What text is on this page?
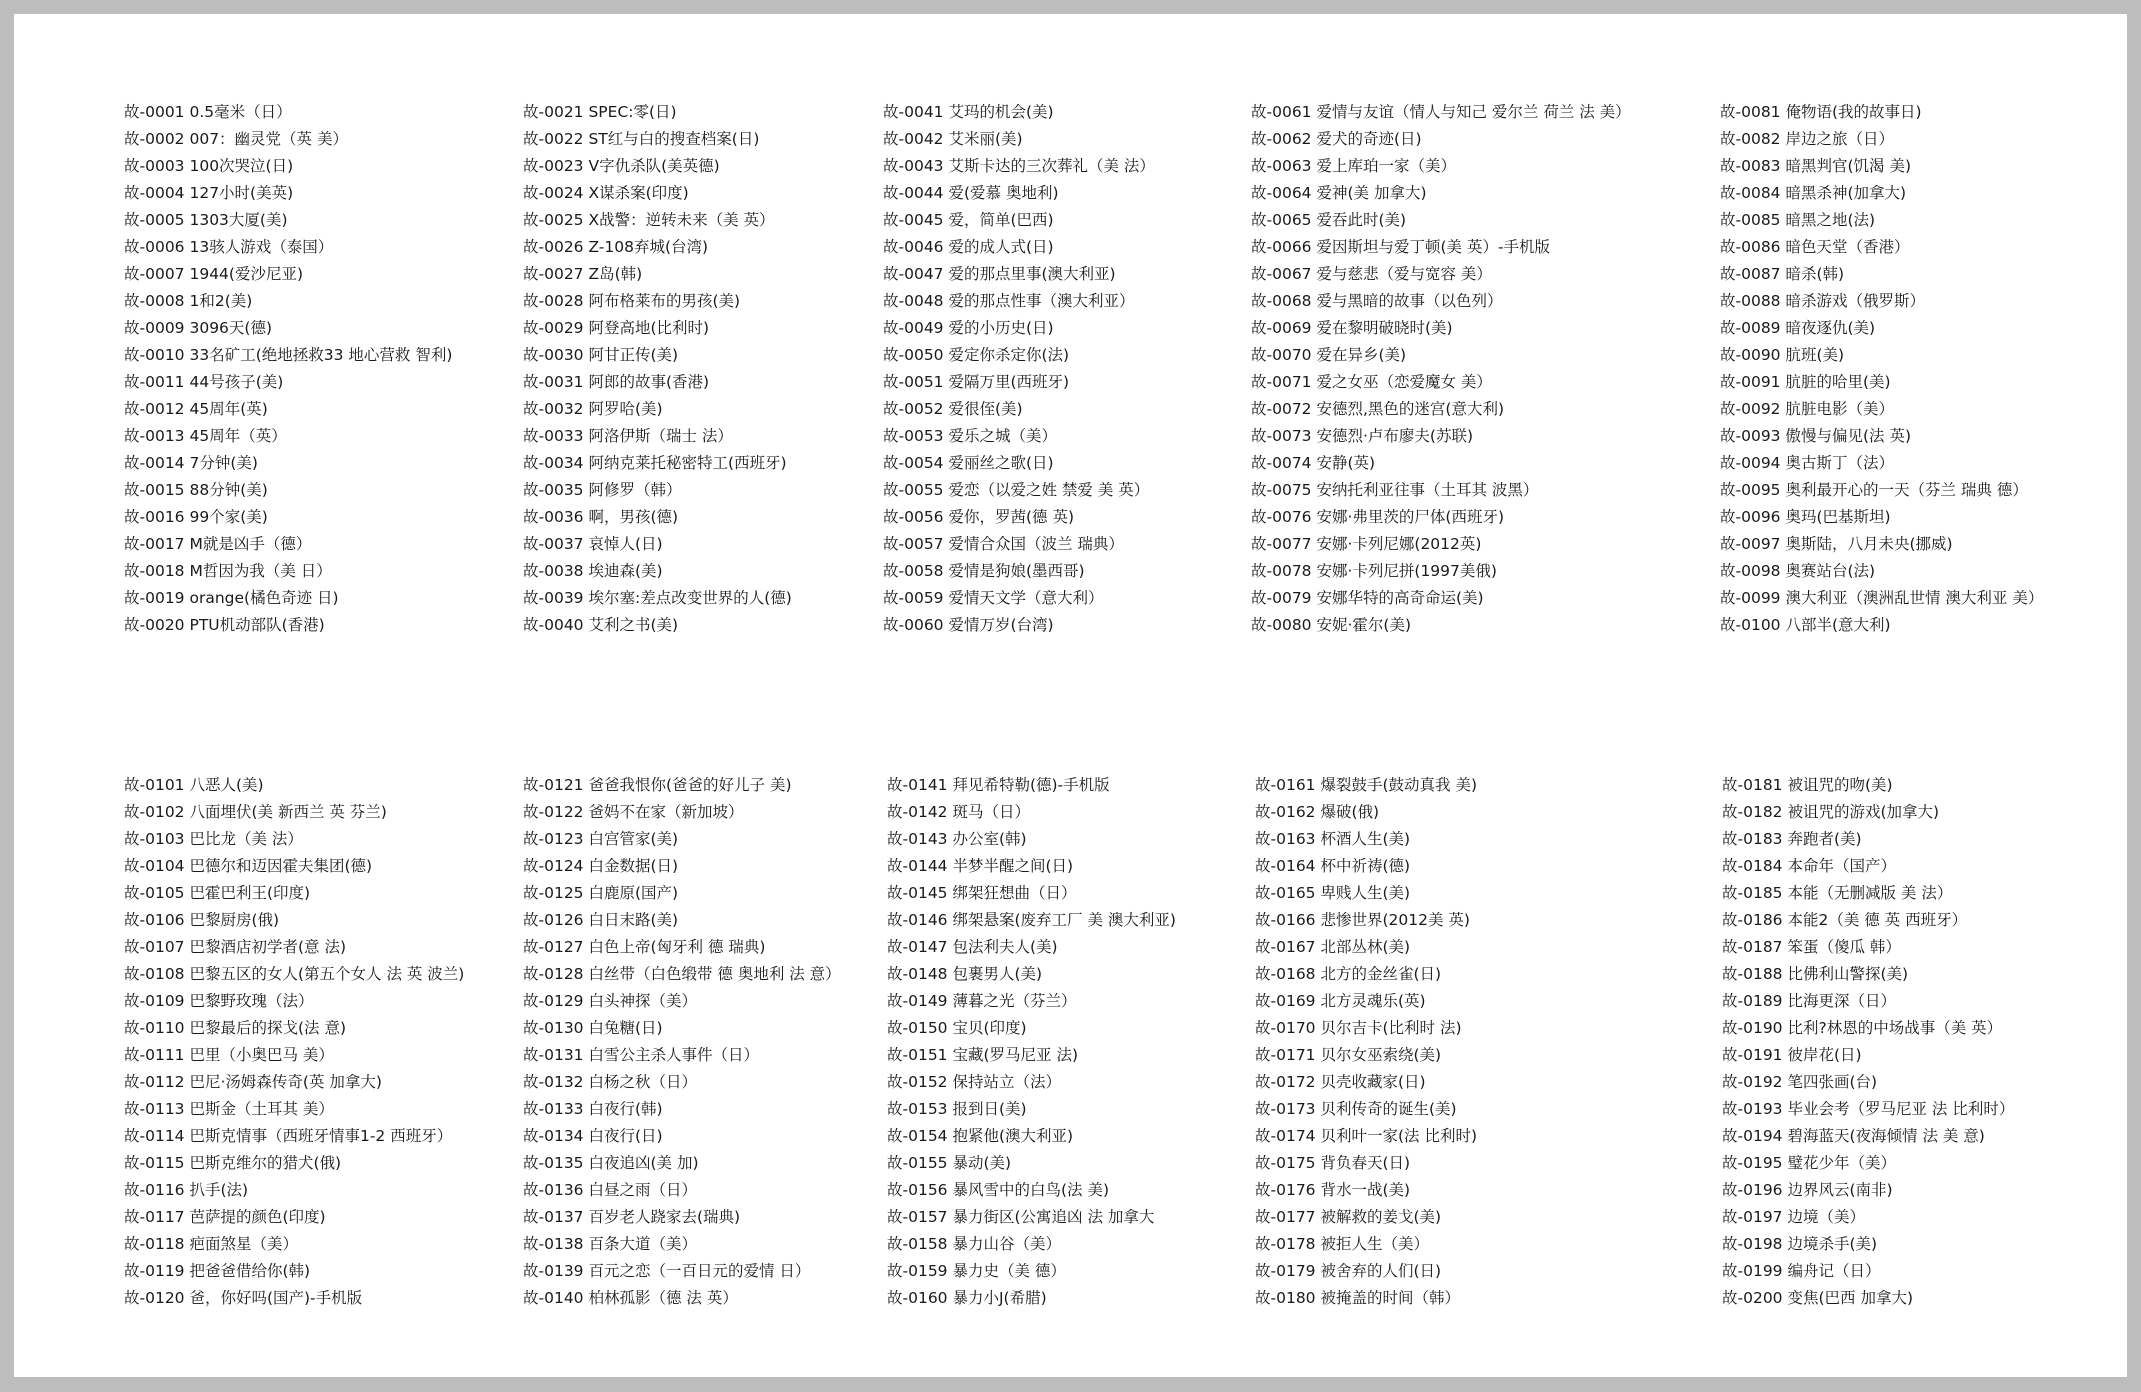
故-0001 0.5毫米（日）
故-0002 007：幽灵党（英 美）
故-0003 100次哭泣(日)
故-0004 127小时(美英)
故-0005 1303大厦(美)
故-0006 13骇人游戏（泰国）
故-0007 1944(爱沙尼亚)
故-0008 1和2(美)
故-0009 3096天(德)
故-0010 33名矿工(绝地拯救33 地心营救 智利)
故-0011 44号孩子(美)
故-0012 45周年(英)
故-0013 45周年（英）
故-0014 7分钟(美)
故-0015 88分钟(美)
故-0016 99个家(美)
故-0017 M就是凶手（德）
故-0018 M哲因为我（美 日）
故-0019 orange(橘色奇迹 日)
故-0020 PTU机动部队(香港)
故-0021 SPEC:零(日)
故-0022 ST红与白的搜查档案(日)
故-0023 V字仇杀队(美英德)
故-0024 X谋杀案(印度)
故-0025 X战警：逆转未来（美 英）
故-0026 Z-108弃城(台湾)
故-0027 Z岛(韩)
故-0028 阿布格莱布的男孩(美)
故-0029 阿登高地(比利时)
故-0030 阿甘正传(美)
故-0031 阿郎的故事(香港)
故-0032 阿罗哈(美)
故-0033 阿洛伊斯（瑞士 法）
故-0034 阿纳克莱托秘密特工(西班牙)
故-0035 阿修罗（韩）
故-0036 啊，男孩(德)
故-0037 哀悼人(日)
故-0038 埃迪森(美)
故-0039 埃尔塞:差点改变世界的人(德)
故-0040 艾利之书(美)
故-0041 艾玛的机会(美)
故-0042 艾米丽(美)
故-0043 艾斯卡达的三次葬礼（美 法）
故-0044 爱(爱慕 奥地利)
故-0045 爱，简单(巴西)
故-0046 爱的成人式(日)
故-0047 爱的那点里事(澳大利亚)
故-0048 爱的那点性事（澳大利亚）
故-0049 爱的小历史(日)
故-0050 爱定你杀定你(法)
故-0051 爱隔万里(西班牙)
故-0052 爱很侄(美)
故-0053 爱乐之城（美）
故-0054 爱丽丝之歌(日)
故-0055 爱恋（以爱之姓 禁爱 美 英）
故-0056 爱你，罗茜(德 英)
故-0057 爱情合众国（波兰 瑞典）
故-0058 爱情是狗娘(墨西哥)
故-0059 爱情天文学（意大利）
故-0060 爱情万岁(台湾)
故-0061 爱情与友谊（情人与知己 爱尔兰 荷兰 法 美）
故-0062 爱犬的奇迹(日)
故-0063 爱上库珀一家（美）
故-0064 爱神(美 加拿大)
故-0065 爱吞此时(美)
故-0066 爱因斯坦与爱丁顿(美 英）-手机版
故-0067 爱与慈悲（爱与宽容 美）
故-0068 爱与黑暗的故事（以色列）
故-0069 爱在黎明破晓时(美)
故-0070 爱在异乡(美)
故-0071 爱之女巫（恋爱魔女 美）
故-0072 安德烈,黑色的迷宫(意大利)
故-0073 安德烈·卢布廖夫(苏联)
故-0074 安静(英)
故-0075 安纳托利亚往事（土耳其 波黑）
故-0076 安娜·弗里茨的尸体(西班牙)
故-0077 安娜·卡列尼娜(2012英)
故-0078 安娜·卡列尼拼(1997美俄)
故-0079 安娜华特的高奇命运(美)
故-0080 安妮·霍尔(美)
故-0081 俺物语(我的故事日)
故-0082 岸边之旅（日）
故-0083 暗黑判官(饥渴 美)
故-0084 暗黑杀神(加拿大)
故-0085 暗黑之地(法)
故-0086 暗色天堂（香港）
故-0087 暗杀(韩)
故-0088 暗杀游戏（俄罗斯）
故-0089 暗夜逐仇(美)
故-0090 肮班(美)
故-0091 肮脏的哈里(美)
故-0092 肮脏电影（美）
故-0093 傲慢与偏见(法 英)
故-0094 奥古斯丁（法）
故-0095 奥利最开心的一天（芬兰 瑞典 德）
故-0096 奥玛(巴基斯坦)
故-0097 奥斯陆，八月未央(挪威)
故-0098 奥赛站台(法)
故-0099 澳大利亚（澳洲乱世情 澳大利亚 美）
故-0100 八部半(意大利)
故-0101 八恶人(美)
故-0102 八面埋伏(美 新西兰 英 芬兰)
故-0103 巴比龙（美 法）
故-0104 巴德尔和迈因霍夫集团(德)
故-0105 巴霍巴利王(印度)
故-0106 巴黎厨房(俄)
故-0107 巴黎酒店初学者(意 法)
故-0108 巴黎五区的女人(第五个女人 法 英 波兰)
故-0109 巴黎野玫瑰（法）
故-0110 巴黎最后的探戈(法 意)
故-0111 巴里（小奥巴马 美）
故-0112 巴尼·汤姆森传奇(英 加拿大)
故-0113 巴斯金（土耳其 美）
故-0114 巴斯克情事（西班牙情事1-2 西班牙）
故-0115 巴斯克维尔的猎犬(俄)
故-0116 扒手(法)
故-0117 芭萨提的颜色(印度)
故-0118 疤面煞星（美）
故-0119 把爸爸借给你(韩)
故-0120 爸，你好吗(国产)-手机版
故-0121 爸爸我恨你(爸爸的好儿子 美)
故-0122 爸妈不在家（新加坡）
故-0123 白宫管家(美)
故-0124 白金数据(日)
故-0125 白鹿原(国产)
故-0126 白日末路(美)
故-0127 白色上帝(匈牙利 德 瑞典)
故-0128 白丝带（白色缎带 德 奥地利 法 意）
故-0129 白头神探（美）
故-0130 白兔糖(日)
故-0131 白雪公主杀人事件（日）
故-0132 白杨之秋（日）
故-0133 白夜行(韩)
故-0134 白夜行(日)
故-0135 白夜追凶(美 加)
故-0136 白昼之雨（日）
故-0137 百岁老人跷家去(瑞典)
故-0138 百条大道（美）
故-0139 百元之恋（一百日元的爱情 日）
故-0140 柏林孤影（德 法 英）
故-0141 拜见希特勒(德)-手机版
故-0142 斑马（日）
故-0143 办公室(韩)
故-0144 半梦半醒之间(日)
故-0145 绑架狂想曲（日）
故-0146 绑架悬案(废弃工厂 美 澳大利亚)
故-0147 包法利夫人(美)
故-0148 包裹男人(美)
故-0149 薄暮之光（芬兰）
故-0150 宝贝(印度)
故-0151 宝藏(罗马尼亚 法)
故-0152 保持站立（法）
故-0153 报到日(美)
故-0154 抱紧他(澳大利亚)
故-0155 暴动(美)
故-0156 暴风雪中的白鸟(法 美)
故-0157 暴力街区(公寓追凶 法 加拿大
故-0158 暴力山谷（美）
故-0159 暴力史（美 德）
故-0160 暴力小J(希腊)
故-0161 爆裂鼓手(鼓动真我 美)
故-0162 爆破(俄)
故-0163 杯酒人生(美)
故-0164 杯中祈祷(德)
故-0165 卑贱人生(美)
故-0166 悲惨世界(2012美 英)
故-0167 北部丛林(美)
故-0168 北方的金丝雀(日)
故-0169 北方灵魂乐(英)
故-0170 贝尔吉卡(比利时 法)
故-0171 贝尔女巫索绕(美)
故-0172 贝壳收藏家(日)
故-0173 贝利传奇的诞生(美)
故-0174 贝利叶一家(法 比利时)
故-0175 背负春天(日)
故-0176 背水一战(美)
故-0177 被解救的姜戈(美)
故-0178 被拒人生（美）
故-0179 被舍弃的人们(日)
故-0180 被掩盖的时间（韩）
故-0181 被诅咒的吻(美)
故-0182 被诅咒的游戏(加拿大)
故-0183 奔跑者(美)
故-0184 本命年（国产）
故-0185 本能（无删减版 美 法）
故-0186 本能2（美 德 英 西班牙）
故-0187 笨蛋（傻瓜 韩）
故-0188 比佛利山警探(美)
故-0189 比海更深（日）
故-0190 比利?林恩的中场战事（美 英）
故-0191 彼岸花(日)
故-0192 笔四张画(台)
故-0193 毕业会考（罗马尼亚 法 比利时）
故-0194 碧海蓝天(夜海倾情 法 美 意)
故-0195 璧花少年（美）
故-0196 边界风云(南非)
故-0197 边境（美）
故-0198 边境杀手(美)
故-0199 编舟记（日）
故-0200 变焦(巴西 加拿大)
